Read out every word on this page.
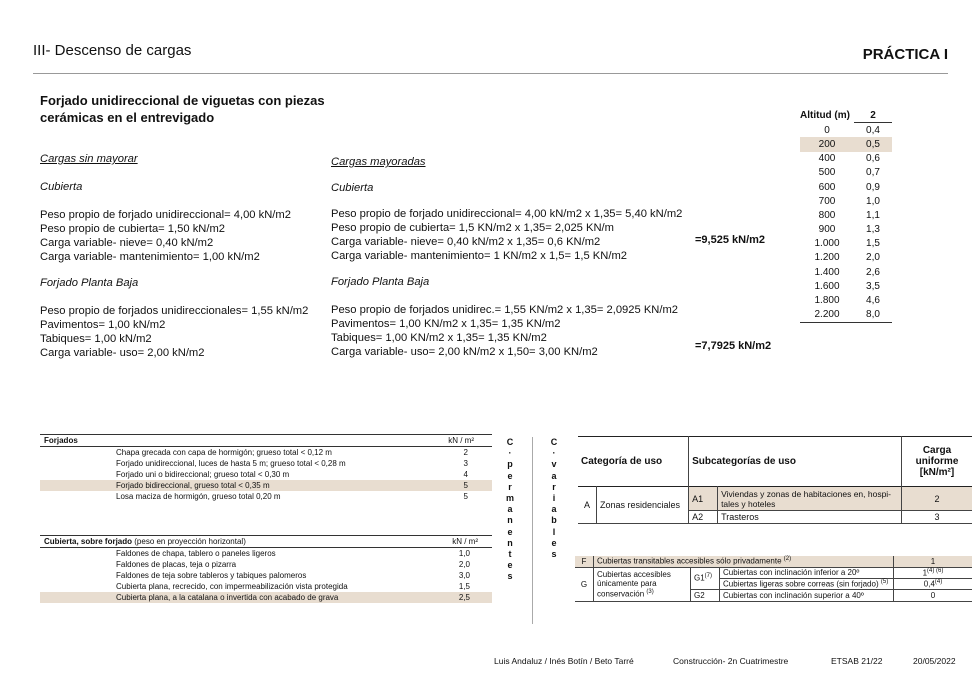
III- Descenso de cargas	PRÁCTICA I
Forjado unidireccional de viguetas con piezas cerámicas en el entrevigado
Cargas sin mayorar
Cubierta
Peso propio de forjado unidireccional= 4,00 kN/m2
Peso propio de cubierta= 1,50 kN/m2
Carga variable- nieve= 0,40 kN/m2
Carga variable- mantenimiento= 1,00 kN/m2
Forjado Planta Baja
Peso propio de forjados unidireccionales= 1,55 kN/m2
Pavimentos= 1,00 kN/m2
Tabiques= 1,00 kN/m2
Carga variable- uso= 2,00 kN/m2
Cargas mayoradas
Cubierta
Peso propio de forjado unidireccional= 4,00 kN/m2 x 1,35= 5,40 kN/m2
Peso propio de cubierta= 1,5 KN/m2 x 1,35= 2,025 KN/m
Carga variable- nieve= 0,40 kN/m2 x 1,35= 0,6 KN/m2
Carga variable- mantenimiento= 1 KN/m2 x 1,5= 1,5 KN/m2
Forjado Planta Baja
Peso propio de forjados unidirec.= 1,55 KN/m2 x 1,35= 2,0925 KN/m2
Pavimentos= 1,00 KN/m2 x 1,35= 1,35 KN/m2
Tabiques= 1,00 KN/m2 x 1,35= 1,35 KN/m2
Carga variable- uso= 2,00 kN/m2 x 1,50= 3,00 KN/m2
=9,525 kN/m2
=7,7925 kN/m2
Altitud (m)	2
0	0,4
200	0,5
400	0,6
500	0,7
600	0,9
700	1,0
800	1,1
900	1,3
1.000	1,5
1.200	2,0
1.400	2,6
1.600	3,5
1.800	4,6
2.200	8,0
Forjados	kN / m²
Chapa grecada con capa de hormigón; grueso total < 0,12 m	2
Forjado unidireccional, luces de hasta 5 m; grueso total < 0,28 m	3
Forjado uni o bidireccional; grueso total < 0,30 m	4
Forjado bidireccional, grueso total < 0,35 m	5
Losa maciza de hormigón, grueso total 0,20 m	5
Cubierta, sobre forjado (peso en proyección horizontal)	kN / m²
Faldones de chapa, tablero o paneles ligeros	1,0
Faldones de placas, teja o pizarra	2,0
Faldones de teja sobre tableros y tabiques palomeros	3,0
Cubierta plana, recrecido, con impermeabilización vista protegida	1,5
Cubierta plana, a la catalana o invertida con acabado de grava	2,5
C
·
p
e
r
m
a
n
e
n
t
e
s
C
·
v
a
r
i
a
b
l
e
s
Categoría de uso		Subcategorías de uso		Carga uniforme [kN/m²]
A	Zonas residenciales	A1	Viviendas y zonas de habitaciones en, hospi-tales y hoteles	2
		A2	Trasteros	3
F	Cubiertas transitables accesibles sólo privadamente $^{(2)}$			1
G	Cubiertas accesibles únicamente para conservación $^{(3)}$	G1$^{(7)}$	Cubiertas con inclinación inferior a 20º	$1^{(4) (6)}$
			Cubiertas ligeras sobre correas (sin forjado) $^{(5)}$	0,4$^{(4)}$
		G2	Cubiertas con inclinación superior a 40º	0
Luis Andaluz / Inés Botín / Beto Tarré	Construcción- 2n Cuatrimestre	ETSAB 21/22	20/05/2022
